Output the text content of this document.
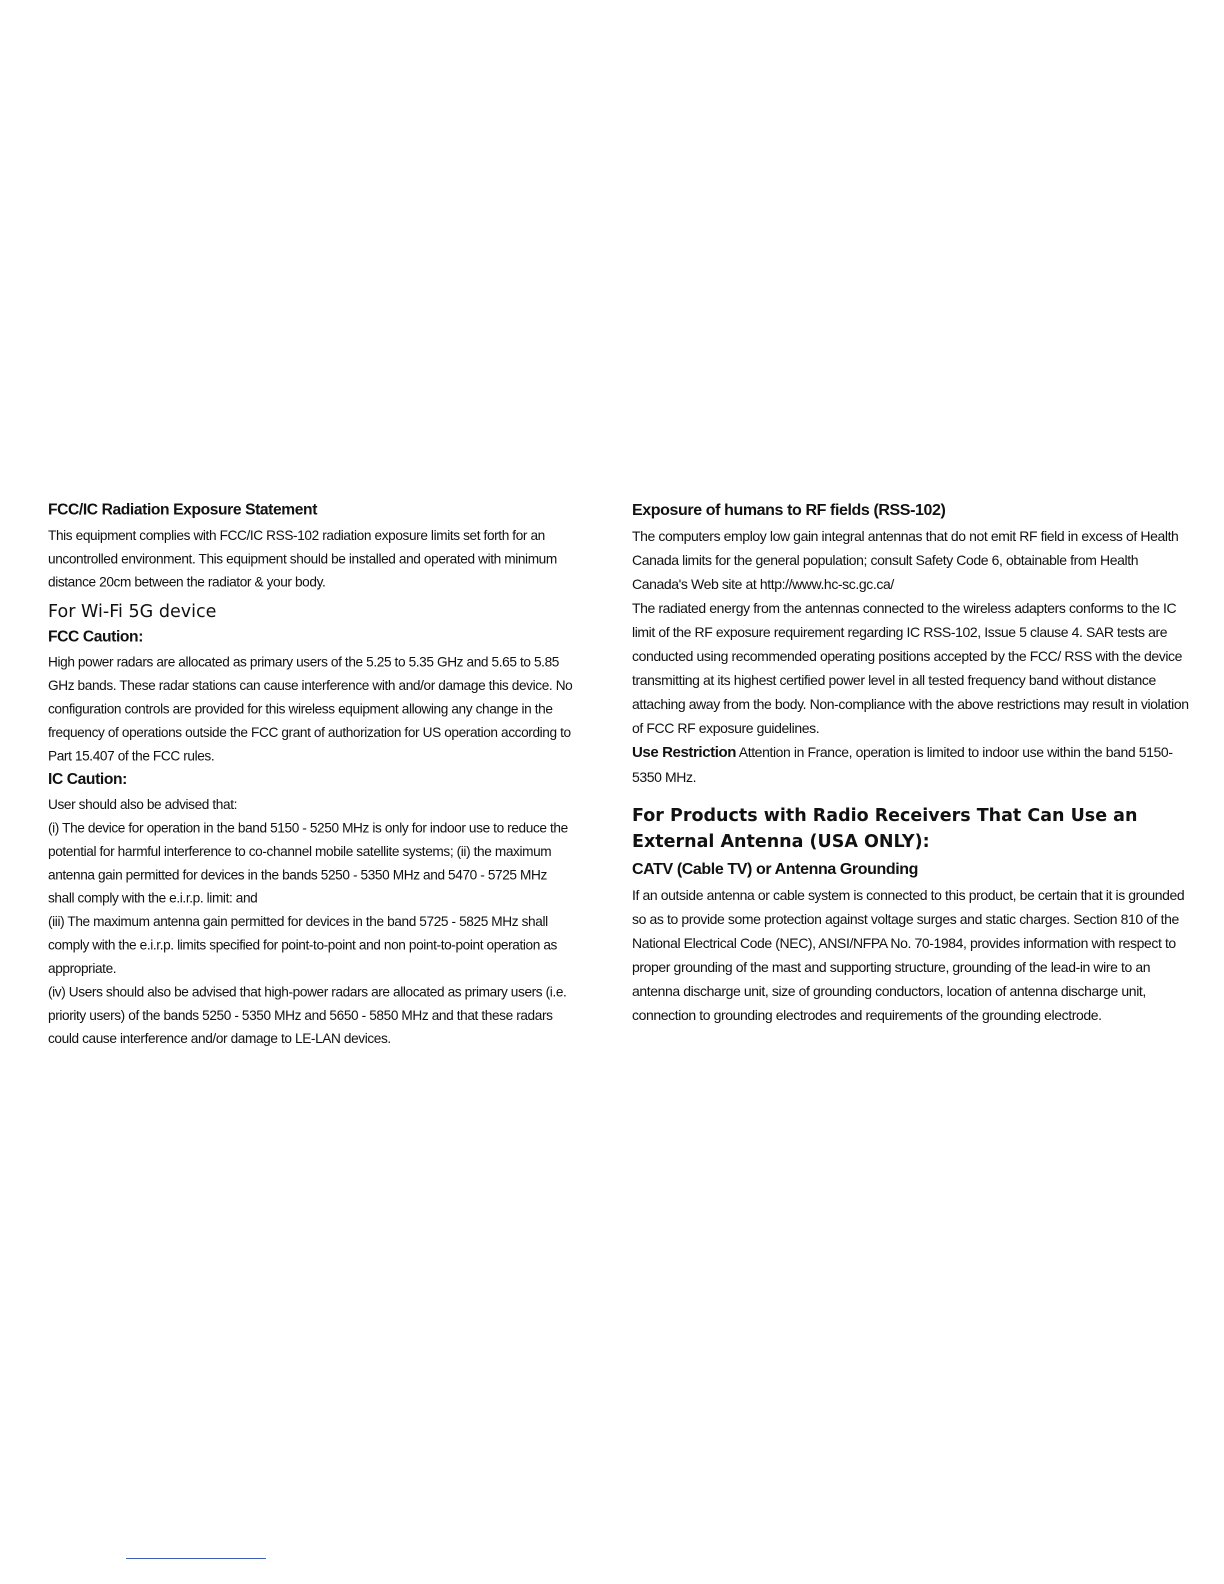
FCC/IC Radiation Exposure Statement

This equipment complies with FCC/IC RSS-102 radiation exposure limits set forth for an uncontrolled environment. This equipment should be installed and operated with minimum distance 20cm between the radiator & your body.

For Wi-Fi 5G device
FCC Caution:

High power radars are allocated as primary users of the 5.25 to 5.35 GHz and 5.65 to 5.85 GHz bands. These radar stations can cause interference with and/or damage this device. No configuration controls are provided for this wireless equipment allowing any change in the frequency of operations outside the FCC grant of authorization for US operation according to Part 15.407 of the FCC rules.

IC Caution:

User should also be advised that:

(i) The device for operation in the band 5150 - 5250 MHz is only for indoor use to reduce the potential for harmful interference to co-channel mobile satellite systems; (ii) the maximum antenna gain permitted for devices in the bands 5250 - 5350 MHz and 5470 - 5725 MHz shall comply with the e.i.r.p. limit: and

(iii) The maximum antenna gain permitted for devices in the band 5725 - 5825 MHz shall comply with the e.i.r.p. limits specified for point-to-point and non point-to-point operation as appropriate.

(iv) Users should also be advised that high-power radars are allocated as primary users (i.e. priority users) of the bands 5250 - 5350 MHz and 5650 - 5850 MHz and that these radars could cause interference and/or damage to LE-LAN devices.

Exposure of humans to RF fields (RSS-102)

The computers employ low gain integral antennas that do not emit RF field in excess of Health Canada limits for the general population; consult Safety Code 6, obtainable from Health Canada's Web site at http://www.hc-sc.gc.ca/

The radiated energy from the antennas connected to the wireless adapters conforms to the IC limit of the RF exposure requirement regarding IC RSS-102, Issue 5 clause 4. SAR tests are conducted using recommended operating positions accepted by the FCC/ RSS with the device transmitting at its highest certified power level in all tested frequency band without distance attaching away from the body. Non-compliance with the above restrictions may result in violation of FCC RF exposure guidelines.

Use Restriction Attention in France, operation is limited to indoor use within the band 5150-5350 MHz.

For Products with Radio Receivers That Can Use an External Antenna (USA ONLY):
CATV (Cable TV) or Antenna Grounding

If an outside antenna or cable system is connected to this product, be certain that it is grounded so as to provide some protection against voltage surges and static charges. Section 810 of the National Electrical Code (NEC), ANSI/NFPA No. 70-1984, provides information with respect to proper grounding of the mast and supporting structure, grounding of the lead-in wire to an antenna discharge unit, size of grounding conductors, location of antenna discharge unit, connection to grounding electrodes and requirements of the grounding electrode.
